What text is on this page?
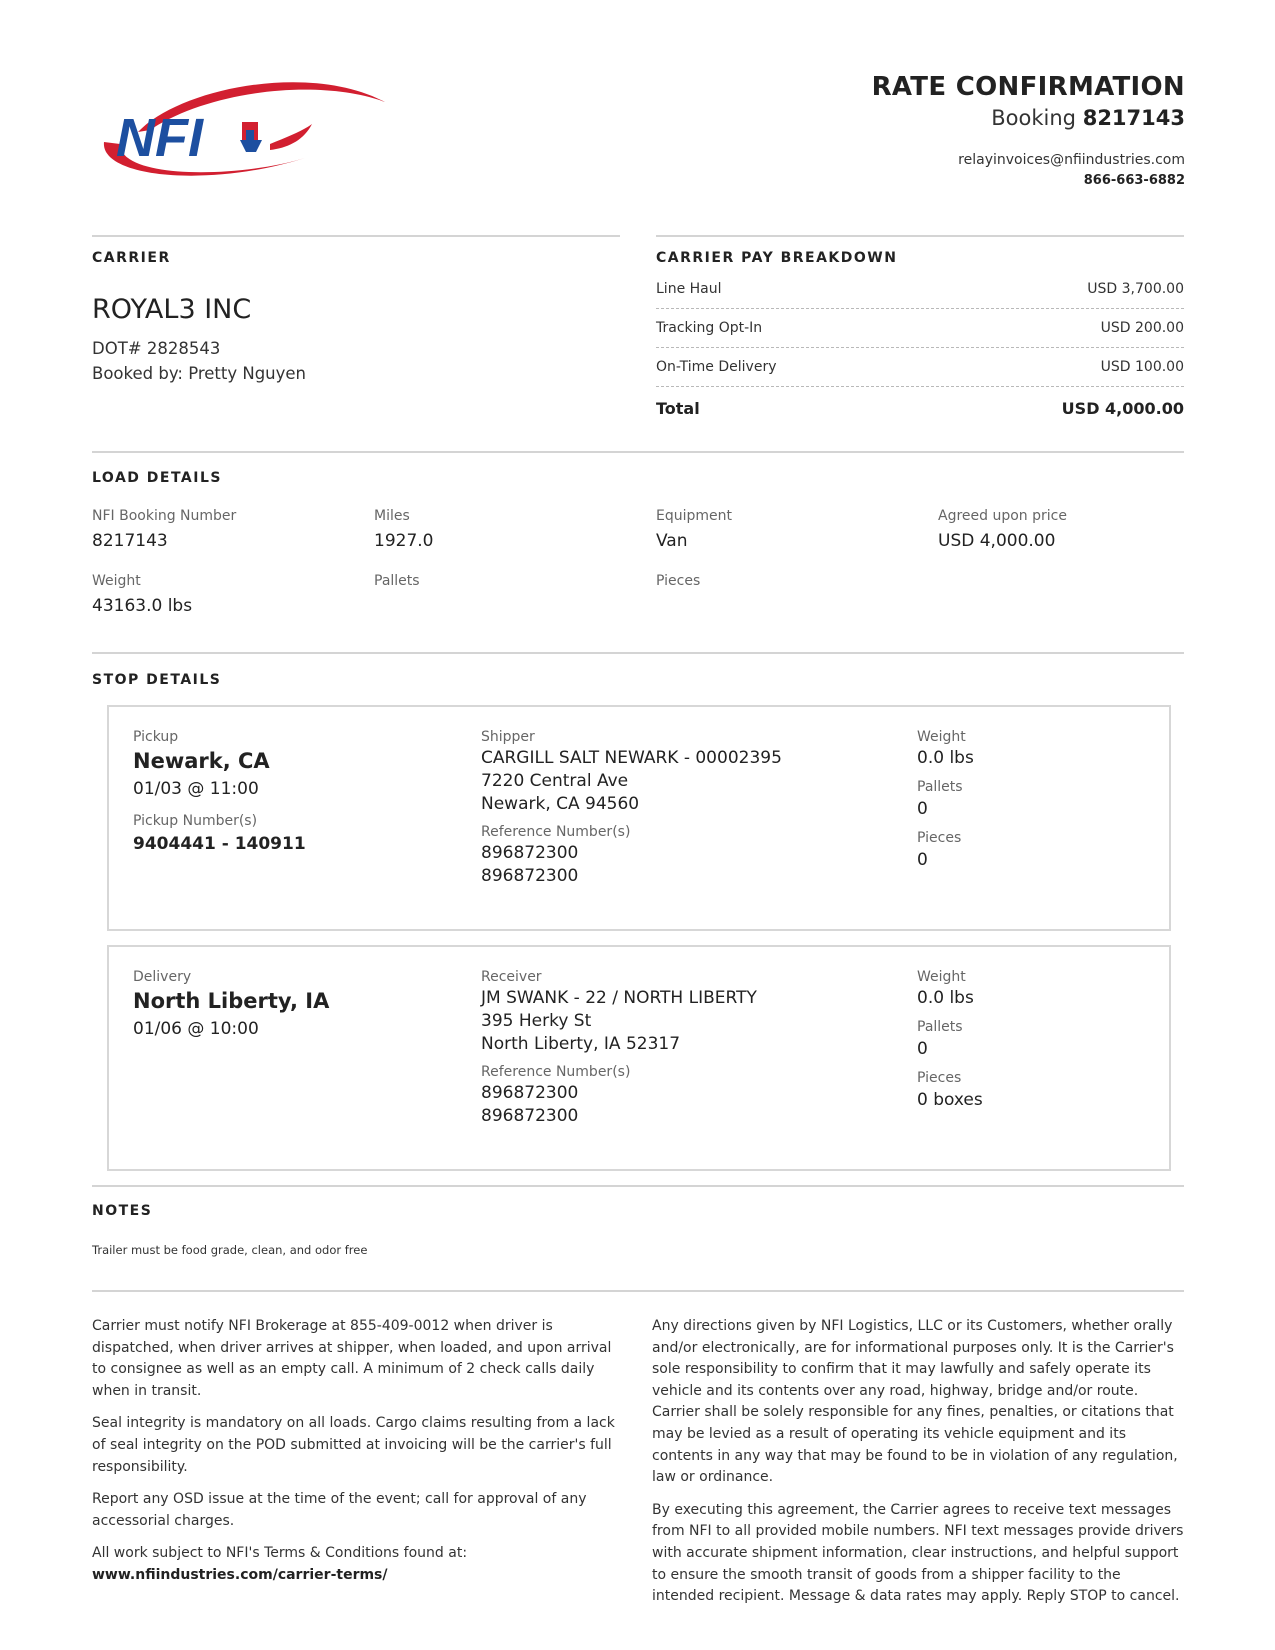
NFI
RATE CONFIRMATION
Booking 8217143
relayinvoices@nfiindustries.com
866-663-6882
CARRIER
ROYAL3 INC
DOT# 2828543
Booked by: Pretty Nguyen
CARRIER PAY BREAKDOWN
Line Haul	USD 3,700.00
Tracking Opt-In	USD 200.00
On-Time Delivery	USD 100.00
Total	USD 4,000.00
LOAD DETAILS
NFI Booking Number
8217143
Miles
1927.0
Equipment
Van
Agreed upon price
USD 4,000.00
Weight
43163.0 lbs
Pallets	Pieces
STOP DETAILS
Pickup
Newark, CA
01/03 @ 11:00
Pickup Number(s)
9404441 - 140911
Shipper
CARGILL SALT NEWARK - 00002395
7220 Central Ave
Newark, CA 94560
Reference Number(s)
896872300
896872300
Weight
0.0 lbs
Pallets
0
Pieces
0
Delivery
North Liberty, IA
01/06 @ 10:00
Receiver
JM SWANK - 22 / NORTH LIBERTY
395 Herky St
North Liberty, IA 52317
Reference Number(s)
896872300
896872300
Weight
0.0 lbs
Pallets
0
Pieces
0 boxes
NOTES
Trailer must be food grade, clean, and odor free

Carrier must notify NFI Brokerage at 855-409-0012 when driver is dispatched, when driver arrives at shipper, when loaded, and upon arrival to consignee as well as an empty call. A minimum of 2 check calls daily when in transit.

Seal integrity is mandatory on all loads. Cargo claims resulting from a lack of seal integrity on the POD submitted at invoicing will be the carrier's full responsibility.

Report any OSD issue at the time of the event; call for approval of any accessorial charges.

All work subject to NFI's Terms & Conditions found at:
www.nfiindustries.com/carrier-terms/

Any directions given by NFI Logistics, LLC or its Customers, whether orally and/or electronically, are for informational purposes only. It is the Carrier's sole responsibility to confirm that it may lawfully and safely operate its vehicle and its contents over any road, highway, bridge and/or route. Carrier shall be solely responsible for any fines, penalties, or citations that may be levied as a result of operating its vehicle equipment and its contents in any way that may be found to be in violation of any regulation, law or ordinance.

By executing this agreement, the Carrier agrees to receive text messages from NFI to all provided mobile numbers. NFI text messages provide drivers with accurate shipment information, clear instructions, and helpful support to ensure the smooth transit of goods from a shipper facility to the intended recipient. Message & data rates may apply. Reply STOP to cancel.
